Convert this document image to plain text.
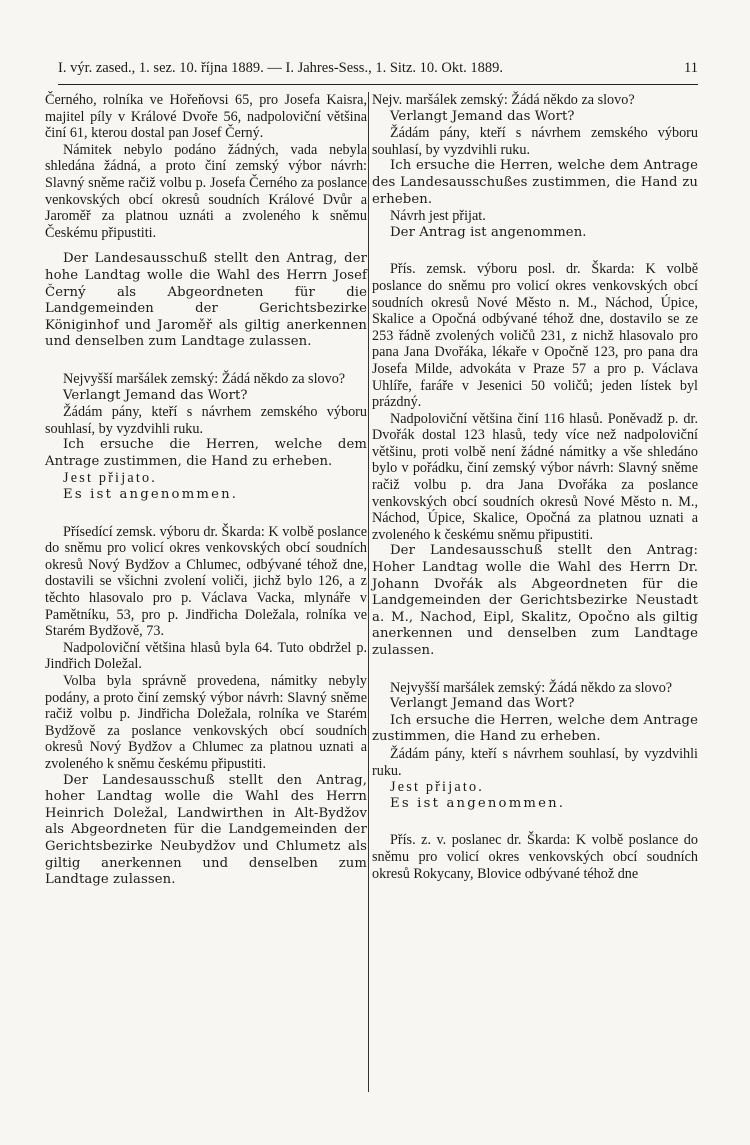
I. výr. zased., 1. sez. 10. října 1889. — I. Jahres-Sess., 1. Sitz. 10. Okt. 1889.	11

Černého, rolníka ve Hořeňovsi 65, pro Josefa Kaisra, majitel píly v Králové Dvoře 56, nadpoloviční většina činí 61, kterou dostal pan Josef Černý.

Námitek nebylo podáno žádných, vada nebyla shledána žádná, a proto činí zemský výbor návrh: Slavný sněme račiž volbu p. Josefa Černého za poslance venkovských obcí okresů soudních Králové Dvůr a Jaroměř za platnou uznáti a zvoleného k sněmu Českému připustiti.

Der Landesausschuß stellt den Antrag, der hohe Landtag wolle die Wahl des Herrn Josef Černý als Abgeordneten für die Landgemeinden der Gerichtsbezirke Königinhof und Jaroměř als giltig anerkennen und denselben zum Landtage zulassen.

Nejvyšší maršálek zemský: Žádá někdo za slovo?

Verlangt Jemand das Wort?

Žádám pány, kteří s návrhem zemského výboru souhlasí, by vyzdvihli ruku.

Ich ersuche die Herren, welche dem Antrage zustimmen, die Hand zu erheben.

Jest přijato.

Es ist angenommen.

Přísedící zemsk. výboru dr. Škarda: K volbě poslance do sněmu pro volicí okres venkovských obcí soudních okresů Nový Bydžov a Chlumec, odbývané téhož dne, dostavili se všichni zvolení voliči, jichž bylo 126, a z těchto hlasovalo pro p. Václava Vacka, mlynáře v Pamětníku, 53, pro p. Jindřicha Doležala, rolníka ve Starém Bydžově, 73.

Nadpoloviční většina hlasů byla 64. Tuto obdržel p. Jindřich Doležal.

Volba byla správně provedena, námitky nebyly podány, a proto činí zemský výbor návrh: Slavný sněme račiž volbu p. Jindřicha Doležala, rolníka ve Starém Bydžově za poslance venkovských obcí soudních okresů Nový Bydžov a Chlumec za platnou uznati a zvoleného k sněmu českému připustiti.

Der Landesausschuß stellt den Antrag, hoher Landtag wolle die Wahl des Herrn Heinrich Doležal, Landwirthen in Alt-Bydžov als Abgeordneten für die Landgemeinden der Gerichtsbezirke Neubydžov und Chlumetz als giltig anerkennen und denselben zum Landtage zulassen.

Nejv. maršálek zemský: Žádá někdo za slovo?

Verlangt Jemand das Wort?

Žádám pány, kteří s návrhem zemského výboru souhlasí, by vyzdvihli ruku.

Ich ersuche die Herren, welche dem Antrage des Landesausschußes zustimmen, die Hand zu erheben.

Návrh jest přijat.

Der Antrag ist angenommen.

Přís. zemsk. výboru posl. dr. Škarda: K volbě poslance do sněmu pro volicí okres venkovských obcí soudních okresů Nové Město n. M., Náchod, Úpice, Skalice a Opočná odbývané téhož dne, dostavilo se ze 253 řádně zvolených voličů 231, z nichž hlasovalo pro pana Jana Dvořáka, lékaře v Opočně 123, pro pana dra Josefa Milde, advokáta v Praze 57 a pro p. Václava Uhlíře, faráře v Jesenici 50 voličů; jeden lístek byl prázdný.

Nadpoloviční většina činí 116 hlasů. Poněvadž p. dr. Dvořák dostal 123 hlasů, tedy více než nadpoloviční většinu, proti volbě není žádné námitky a vše shledáno bylo v pořádku, činí zemský výbor návrh: Slavný sněme račiž volbu p. dra Jana Dvořáka za poslance venkovských obcí soudních okresů Nové Město n. M., Náchod, Úpice, Skalice, Opočná za platnou uznati a zvoleného k českému sněmu připustiti.

Der Landesausschuß stellt den Antrag: Hoher Landtag wolle die Wahl des Herrn Dr. Johann Dvořák als Abgeordneten für die Landgemeinden der Gerichtsbezirke Neustadt a. M., Nachod, Eipl, Skalitz, Opočno als giltig anerkennen und denselben zum Landtage zulassen.

Nejvyšší maršálek zemský: Žádá někdo za slovo?

Verlangt Jemand das Wort?

Ich ersuche die Herren, welche dem Antrage zustimmen, die Hand zu erheben.

Žádám pány, kteří s návrhem souhlasí, by vyzdvihli ruku.

Jest přijato.

Es ist angenommen.

Přís. z. v. poslanec dr. Škarda: K volbě poslance do sněmu pro volicí okres venkovských obcí soudních okresů Rokycany, Blovice odbývané téhož dne
